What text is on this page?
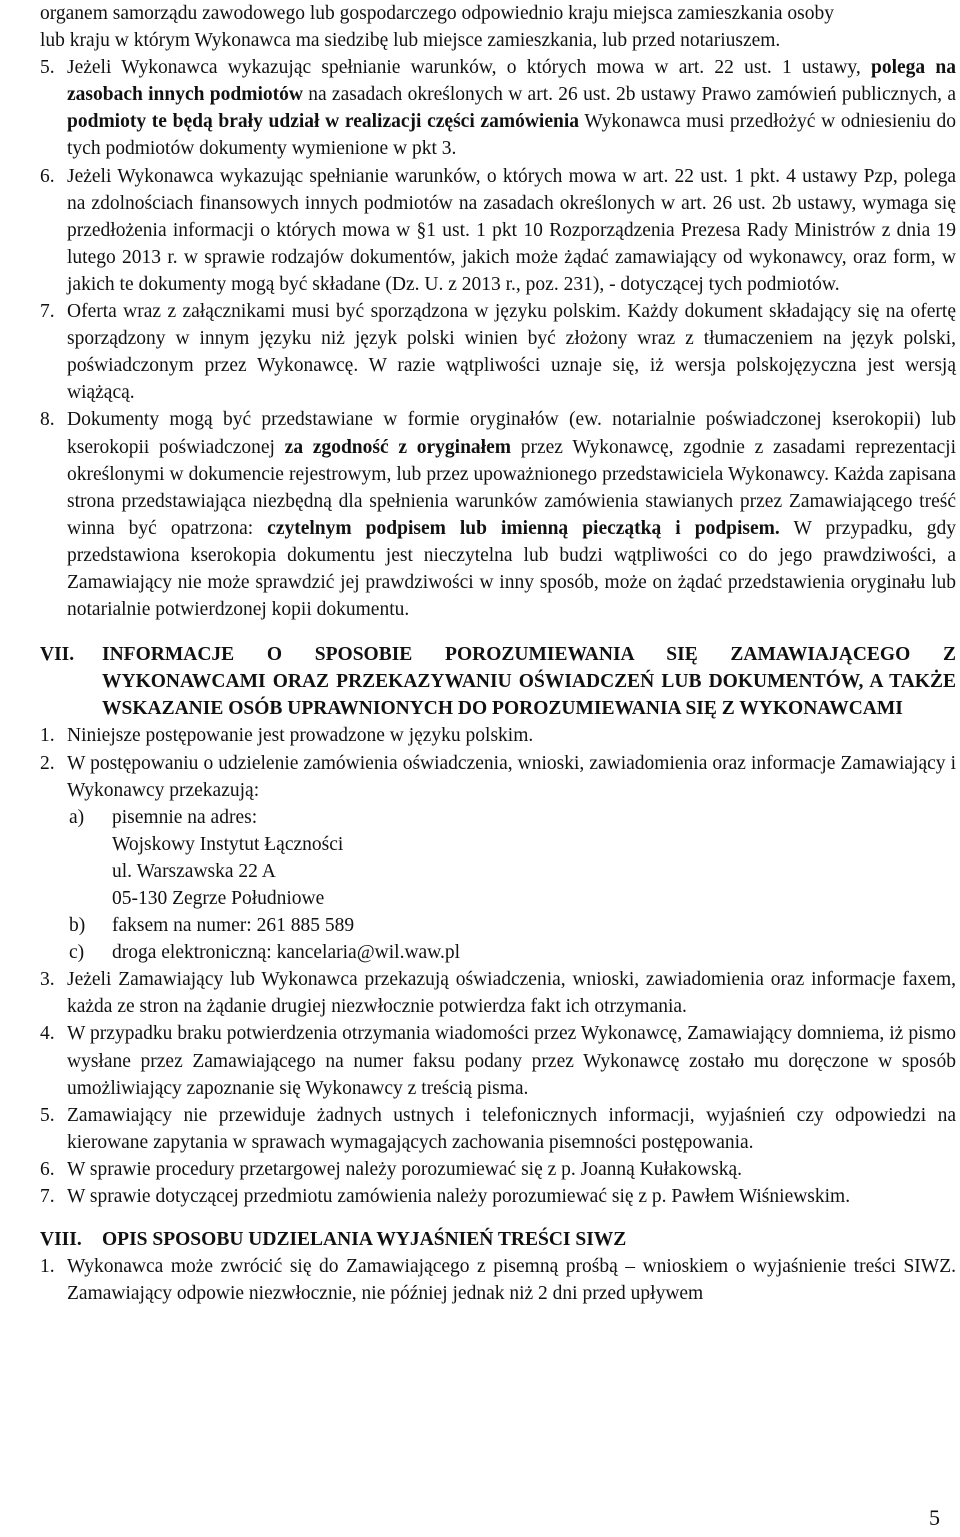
organem samorządu zawodowego lub gospodarczego odpowiednio kraju miejsca zamieszkania osoby
lub kraju w którym Wykonawca ma siedzibę lub miejsce zamieszkania, lub przed notariuszem.

5. Jeżeli Wykonawca wykazując spełnianie warunków, o których mowa w art. 22 ust. 1 ustawy, polega na zasobach innych podmiotów na zasadach określonych w art. 26 ust. 2b ustawy Prawo zamówień publicznych, a podmioty te będą brały udział w realizacji części zamówienia Wykonawca musi przedłożyć w odniesieniu do tych podmiotów dokumenty wymienione w pkt 3.
6. Jeżeli Wykonawca wykazując spełnianie warunków, o których mowa w art. 22 ust. 1 pkt. 4 ustawy Pzp, polega na zdolnościach finansowych innych podmiotów na zasadach określonych w art. 26 ust. 2b ustawy, wymaga się przedłożenia informacji o których mowa w §1 ust. 1 pkt 10 Rozporządzenia Prezesa Rady Ministrów z dnia 19 lutego 2013 r. w sprawie rodzajów dokumentów, jakich może żądać zamawiający od wykonawcy, oraz form, w jakich te dokumenty mogą być składane (Dz. U. z 2013 r., poz. 231), - dotyczącej tych podmiotów.
7. Oferta wraz z załącznikami musi być sporządzona w języku polskim. Każdy dokument składający się na ofertę sporządzony w innym języku niż język polski winien być złożony wraz z tłumaczeniem na język polski, poświadczonym przez Wykonawcę. W razie wątpliwości uznaje się, iż wersja polskojęzyczna jest wersją wiążącą.
8. Dokumenty mogą być przedstawiane w formie oryginałów (ew. notarialnie poświadczonej kserokopii) lub kserokopii poświadczonej za zgodność z oryginałem przez Wykonawcę, zgodnie z zasadami reprezentacji określonymi w dokumencie rejestrowym, lub przez upoważnionego przedstawiciela Wykonawcy. Każda zapisana strona przedstawiająca niezbędną dla spełnienia warunków zamówienia stawianych przez Zamawiającego treść winna być opatrzona: czytelnym podpisem lub imienną pieczątką i podpisem. W przypadku, gdy przedstawiona kserokopia dokumentu jest nieczytelna lub budzi wątpliwości co do jego prawdziwości, a Zamawiający nie może sprawdzić jej prawdziwości w inny sposób, może on żądać przedstawienia oryginału lub notarialnie potwierdzonej kopii dokumentu.
VII. INFORMACJE O SPOSOBIE POROZUMIEWANIA SIĘ ZAMAWIAJĄCEGO Z WYKONAWCAMI ORAZ PRZEKAZYWANIU OŚWIADCZEŃ LUB DOKUMENTÓW, A TAKŻE WSKAZANIE OSÓB UPRAWNIONYCH DO POROZUMIEWANIA SIĘ Z WYKONAWCAMI
1. Niniejsze postępowanie jest prowadzone w języku polskim.
2. W postępowaniu o udzielenie zamówienia oświadczenia, wnioski, zawiadomienia oraz informacje Zamawiający i Wykonawcy przekazują:
a) pisemnie na adres:
Wojskowy Instytut Łączności
ul. Warszawska 22 A
05-130 Zegrze Południowe
b) faksem na numer: 261 885 589
c) droga elektroniczną: kancelaria@wil.waw.pl
3. Jeżeli Zamawiający lub Wykonawca przekazują oświadczenia, wnioski, zawiadomienia oraz informacje faxem, każda ze stron na żądanie drugiej niezwłocznie potwierdza fakt ich otrzymania.
4. W przypadku braku potwierdzenia otrzymania wiadomości przez Wykonawcę, Zamawiający domniema, iż pismo wysłane przez Zamawiającego na numer faksu podany przez Wykonawcę zostało mu doręczone w sposób umożliwiający zapoznanie się Wykonawcy z treścią pisma.
5. Zamawiający nie przewiduje żadnych ustnych i telefonicznych informacji, wyjaśnień czy odpowiedzi na kierowane zapytania w sprawach wymagających zachowania pisemności postępowania.
6. W sprawie procedury przetargowej należy porozumiewać się z p. Joanną Kułakowską.
7. W sprawie dotyczącej przedmiotu zamówienia należy porozumiewać się z p. Pawłem Wiśniewskim.
VIII. OPIS SPOSOBU UDZIELANIA WYJAŚNIEŃ TREŚCI SIWZ
1. Wykonawca może zwrócić się do Zamawiającego z pisemną prośbą – wnioskiem o wyjaśnienie treści SIWZ. Zamawiający odpowie niezwłocznie, nie później jednak niż 2 dni przed upływem
5
